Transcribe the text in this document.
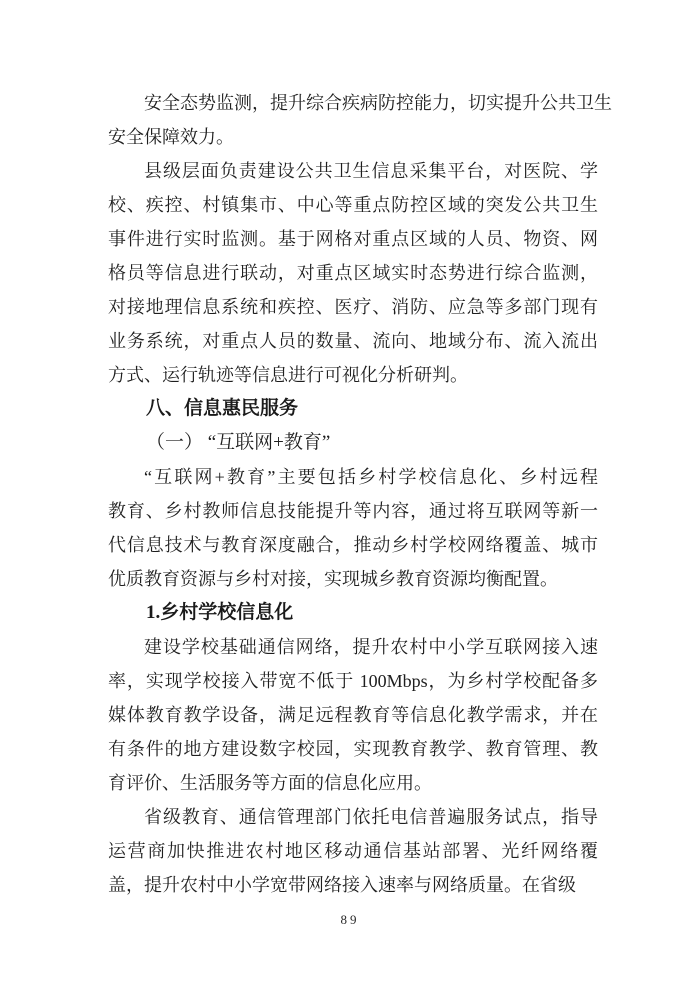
安全态势监测，提升综合疾病防控能力，切实提升公共卫生
安全保障效力。
县级层面负责建设公共卫生信息采集平台，对医院、学
校、疾控、村镇集市、中心等重点防控区域的突发公共卫生
事件进行实时监测。基于网格对重点区域的人员、物资、网
格员等信息进行联动，对重点区域实时态势进行综合监测，
对接地理信息系统和疾控、医疗、消防、应急等多部门现有
业务系统，对重点人员的数量、流向、地域分布、流入流出
方式、运行轨迹等信息进行可视化分析研判。
八、信息惠民服务
（一） “互联网+教育”
“互联网+教育”主要包括乡村学校信息化、乡村远程
教育、乡村教师信息技能提升等内容，通过将互联网等新一
代信息技术与教育深度融合，推动乡村学校网络覆盖、城市
优质教育资源与乡村对接，实现城乡教育资源均衡配置。
1.乡村学校信息化
建设学校基础通信网络，提升农村中小学互联网接入速
率，实现学校接入带宽不低于 100Mbps，为乡村学校配备多
媒体教育教学设备，满足远程教育等信息化教学需求，并在
有条件的地方建设数字校园，实现教育教学、教育管理、教
育评价、生活服务等方面的信息化应用。
省级教育、通信管理部门依托电信普遍服务试点，指导
运营商加快推进农村地区移动通信基站部署、光纤网络覆
盖，提升农村中小学宽带网络接入速率与网络质量。在省级
89
